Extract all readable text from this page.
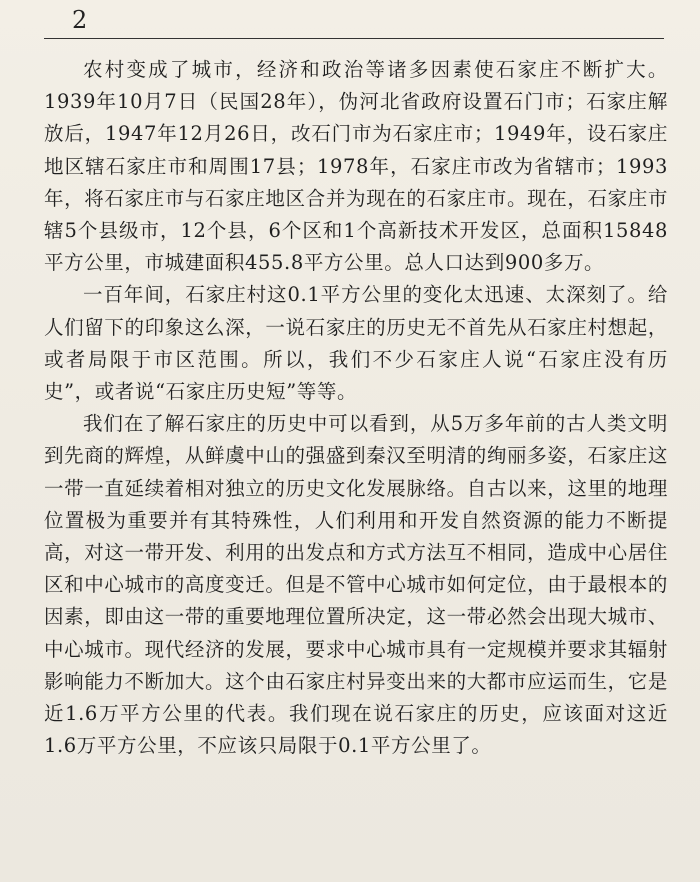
2

农村变成了城市，经济和政治等诸多因素使石家庄不断扩大。1939年10月7日（民国28年），伪河北省政府设置石门市；石家庄解放后，1947年12月26日，改石门市为石家庄市；1949年，设石家庄地区辖石家庄市和周围17县；1978年，石家庄市改为省辖市；1993年，将石家庄市与石家庄地区合并为现在的石家庄市。现在，石家庄市辖5个县级市，12个县，6个区和1个高新技术开发区，总面积15848平方公里，市城建面积455.8平方公里。总人口达到900多万。

一百年间，石家庄村这0.1平方公里的变化太迅速、太深刻了。给人们留下的印象这么深，一说石家庄的历史无不首先从石家庄村想起，或者局限于市区范围。所以，我们不少石家庄人说“石家庄没有历史”，或者说“石家庄历史短”等等。

我们在了解石家庄的历史中可以看到，从5万多年前的古人类文明到先商的辉煌，从鲜虞中山的强盛到秦汉至明清的绚丽多姿，石家庄这一带一直延续着相对独立的历史文化发展脉络。自古以来，这里的地理位置极为重要并有其特殊性，人们利用和开发自然资源的能力不断提高，对这一带开发、利用的出发点和方式方法互不相同，造成中心居住区和中心城市的高度变迁。但是不管中心城市如何定位，由于最根本的因素，即由这一带的重要地理位置所决定，这一带必然会出现大城市、中心城市。现代经济的发展，要求中心城市具有一定规模并要求其辐射影响能力不断加大。这个由石家庄村异变出来的大都市应运而生，它是近1.6万平方公里的代表。我们现在说石家庄的历史，应该面对这近1.6万平方公里，不应该只局限于0.1平方公里了。
